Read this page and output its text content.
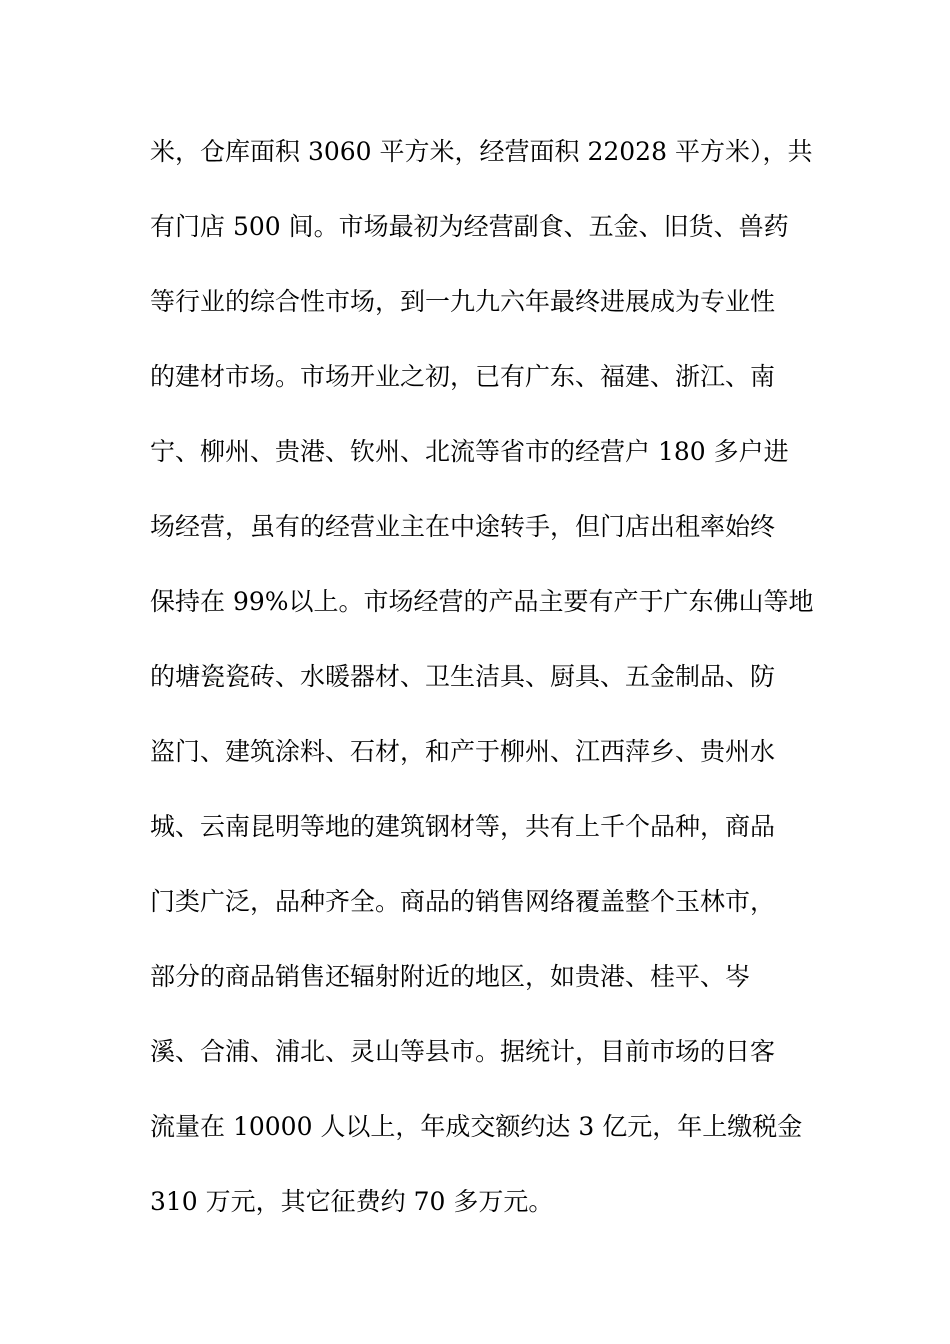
米，仓库面积 3060 平方米，经营面积 22028 平方米），共
有门店 500 间。市场最初为经营副食、五金、旧货、兽药
等行业的综合性市场，到一九九六年最终进展成为专业性
的建材市场。市场开业之初，已有广东、福建、浙江、南
宁、柳州、贵港、钦州、北流等省市的经营户 180 多户进
场经营，虽有的经营业主在中途转手，但门店出租率始终
保持在 99%以上。市场经营的产品主要有产于广东佛山等地
的塘瓷瓷砖、水暖器材、卫生洁具、厨具、五金制品、防
盗门、建筑涂料、石材，和产于柳州、江西萍乡、贵州水
城、云南昆明等地的建筑钢材等，共有上千个品种，商品
门类广泛，品种齐全。商品的销售网络覆盖整个玉林市，
部分的商品销售还辐射附近的地区，如贵港、桂平、岑
溪、合浦、浦北、灵山等县市。据统计，目前市场的日客
流量在 10000 人以上，年成交额约达 3 亿元，年上缴税金
310 万元，其它征费约 70 多万元。
